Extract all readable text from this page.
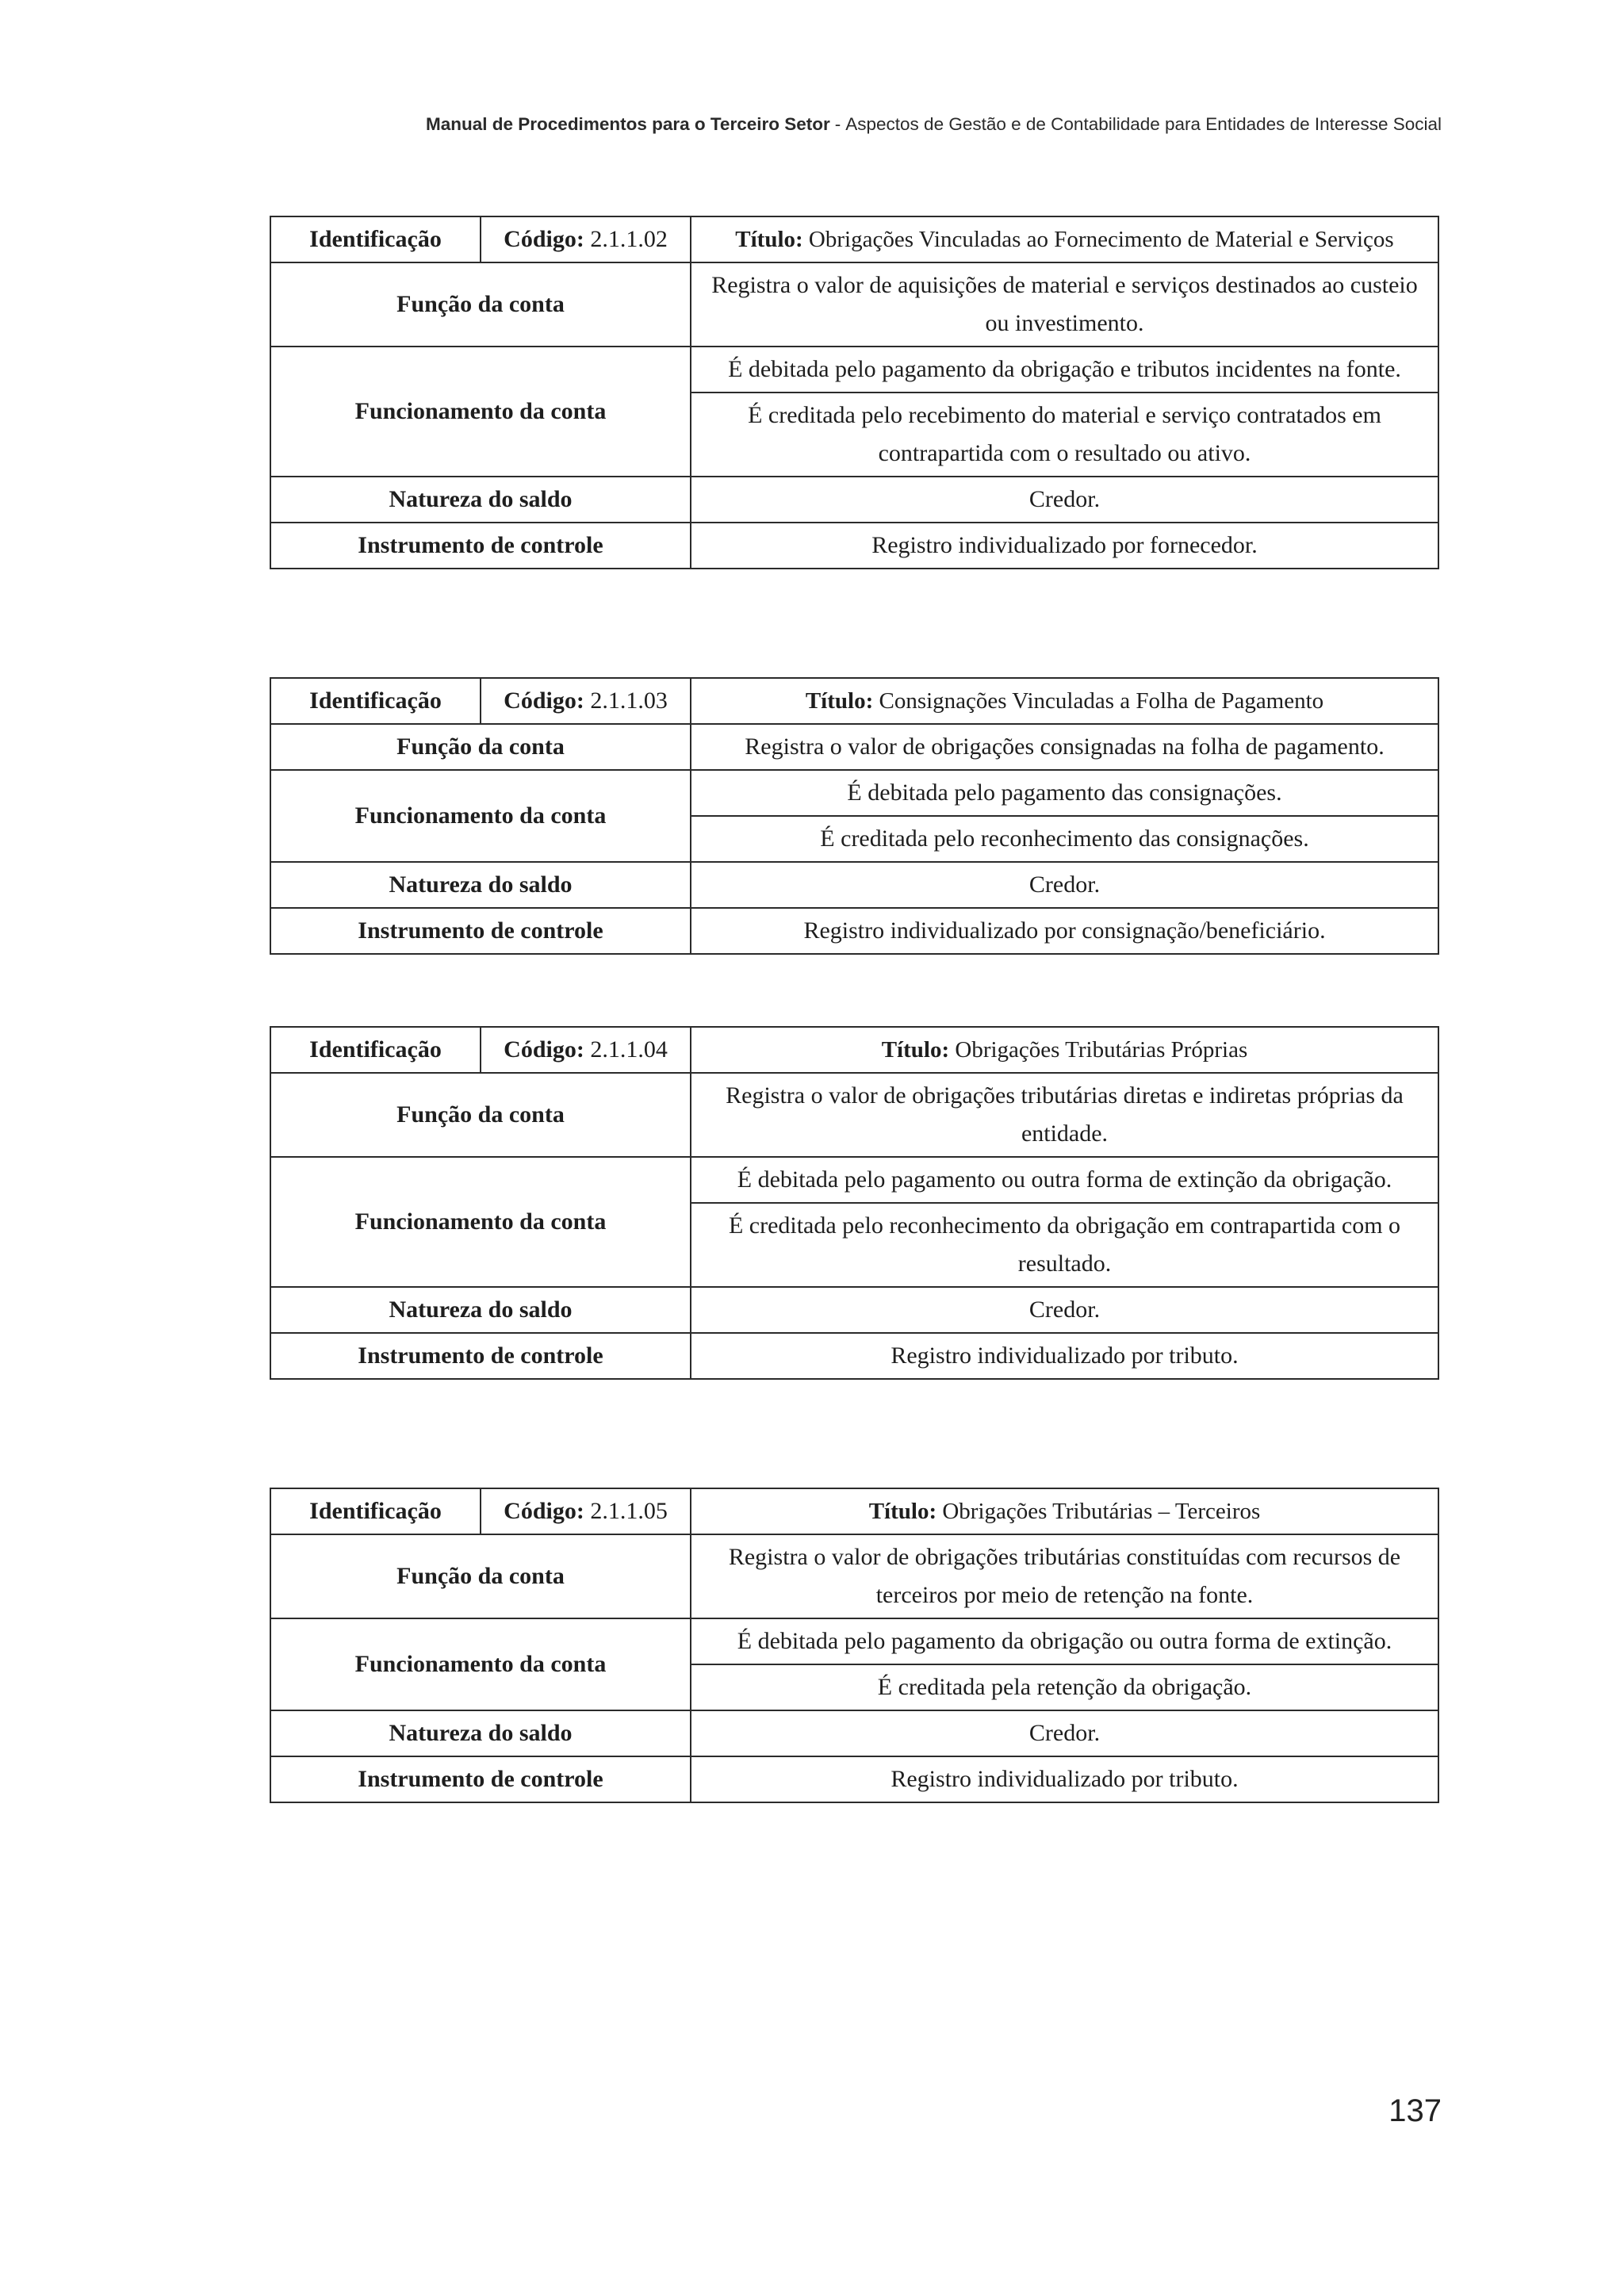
Manual de Procedimentos para o Terceiro Setor - Aspectos de Gestão e de Contabilidade para Entidades de Interesse Social
Identificação	Código: 2.1.1.02	Título: Obrigações Vinculadas ao Fornecimento de Material e Serviços
Função da conta		Registra o valor de aquisições de material e serviços destinados ao custeio ou investimento.
Funcionamento da conta		É debitada pelo pagamento da obrigação e tributos incidentes na fonte.
		É creditada pelo recebimento do material e serviço contratados em contrapartida com o resultado ou ativo.
Natureza do saldo		Credor.
Instrumento de controle		Registro individualizado por fornecedor.
Identificação	Código: 2.1.1.03	Título: Consignações Vinculadas a Folha de Pagamento
Função da conta		Registra o valor de obrigações consignadas na folha de pagamento.
Funcionamento da conta		É debitada pelo pagamento das consignações.
		É creditada pelo reconhecimento das consignações.
Natureza do saldo		Credor.
Instrumento de controle		Registro individualizado por consignação/beneficiário.
Identificação	Código: 2.1.1.04	Título: Obrigações Tributárias Próprias
Função da conta		Registra o valor de obrigações tributárias diretas e indiretas próprias da entidade.
Funcionamento da conta		É debitada pelo pagamento ou outra forma de extinção da obrigação.
		É creditada pelo reconhecimento da obrigação em contrapartida com o resultado.
Natureza do saldo		Credor.
Instrumento de controle		Registro individualizado por tributo.
Identificação	Código: 2.1.1.05	Título: Obrigações Tributárias – Terceiros
Função da conta		Registra o valor de obrigações tributárias constituídas com recursos de terceiros por meio de retenção na fonte.
Funcionamento da conta		É debitada pelo pagamento da obrigação ou outra forma de extinção.
		É creditada pela retenção da obrigação.
Natureza do saldo		Credor.
Instrumento de controle		Registro individualizado por tributo.
137
